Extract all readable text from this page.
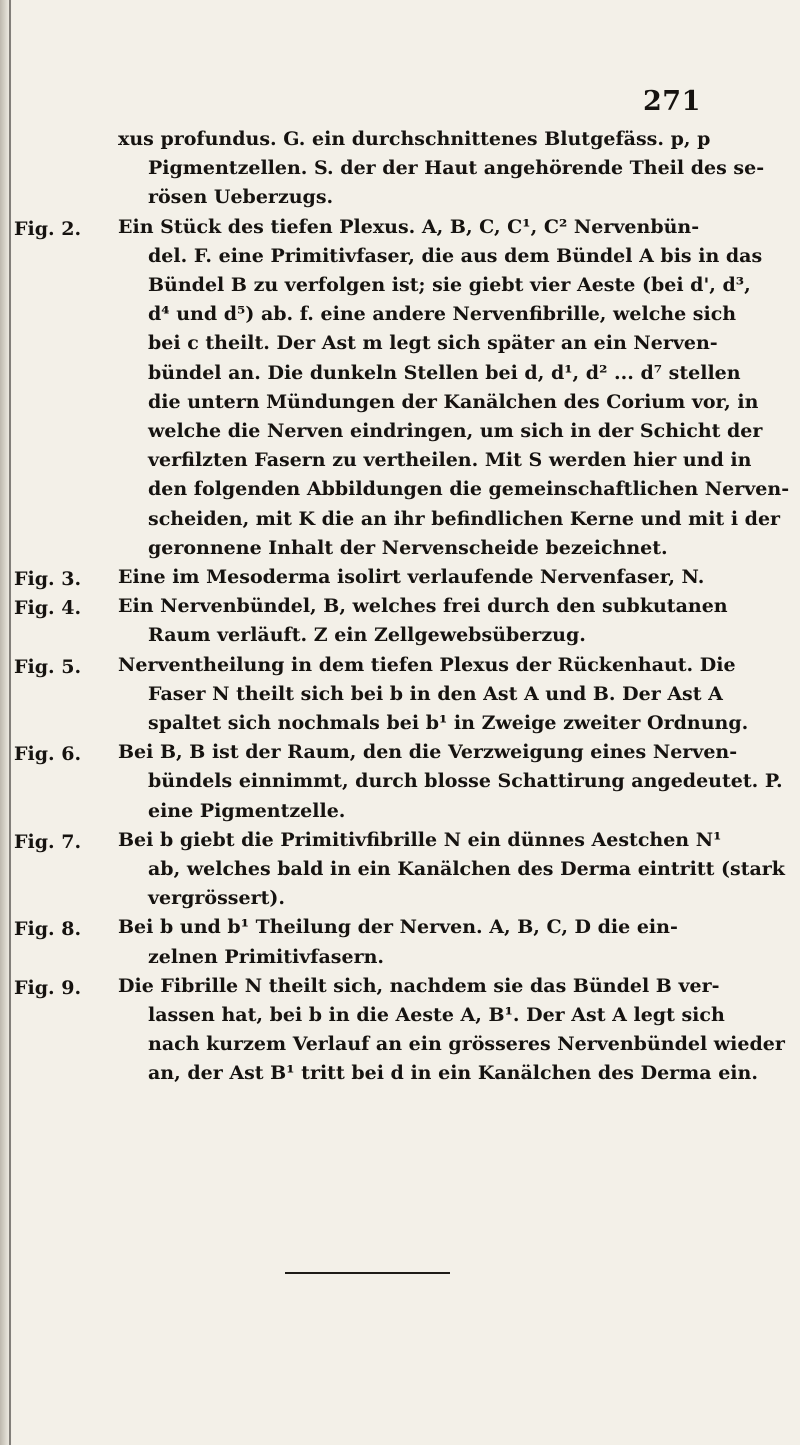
271
xus profundus. G. ein durchschnittenes Blutgefäss. p, p
Pigmentzellen. S. der der Haut angehörende Theil des se-
rösen Ueberzugs.
Fig. 2. Ein Stück des tiefen Plexus. A, B, C, C¹, C² Nervenbün-
del. F. eine Primitivfaser, die aus dem Bündel A bis in das
Bündel B zu verfolgen ist; sie giebt vier Aeste (bei d', d³,
d⁴ und d⁵) ab. f. eine andere Nervenfibrille, welche sich
bei c theilt. Der Ast m legt sich später an ein Nerven-
bündel an. Die dunkeln Stellen bei d, d¹, d² ... d⁷ stellen
die untern Mündungen der Kanälchen des Corium vor, in
welche die Nerven eindringen, um sich in der Schicht der
verfilzten Fasern zu vertheilen. Mit S werden hier und in
den folgenden Abbildungen die gemeinschaftlichen Nerven-
scheiden, mit K die an ihr befindlichen Kerne und mit i der
geronnene Inhalt der Nervenscheide bezeichnet.
Fig. 3. Eine im Mesoderma isolirt verlaufende Nervenfaser, N.
Fig. 4. Ein Nervenbündel, B, welches frei durch den subkutanen
Raum verläuft. Z ein Zellgewebsüberzug.
Fig. 5. Nerventheilung in dem tiefen Plexus der Rückenhaut. Die
Faser N theilt sich bei b in den Ast A und B. Der Ast A
spaltet sich nochmals bei b¹ in Zweige zweiter Ordnung.
Fig. 6. Bei B, B ist der Raum, den die Verzweigung eines Nerven-
bündels einnimmt, durch blosse Schattirung angedeutet. P.
eine Pigmentzelle.
Fig. 7. Bei b giebt die Primitivfibrille N ein dünnes Aestchen N¹
ab, welches bald in ein Kanälchen des Derma eintritt (stark
vergrössert).
Fig. 8. Bei b und b¹ Theilung der Nerven. A, B, C, D die ein-
zelnen Primitivfasern.
Fig. 9. Die Fibrille N theilt sich, nachdem sie das Bündel B ver-
lassen hat, bei b in die Aeste A, B¹. Der Ast A legt sich
nach kurzem Verlauf an ein grösseres Nervenbündel wieder
an, der Ast B¹ tritt bei d in ein Kanälchen des Derma ein.
